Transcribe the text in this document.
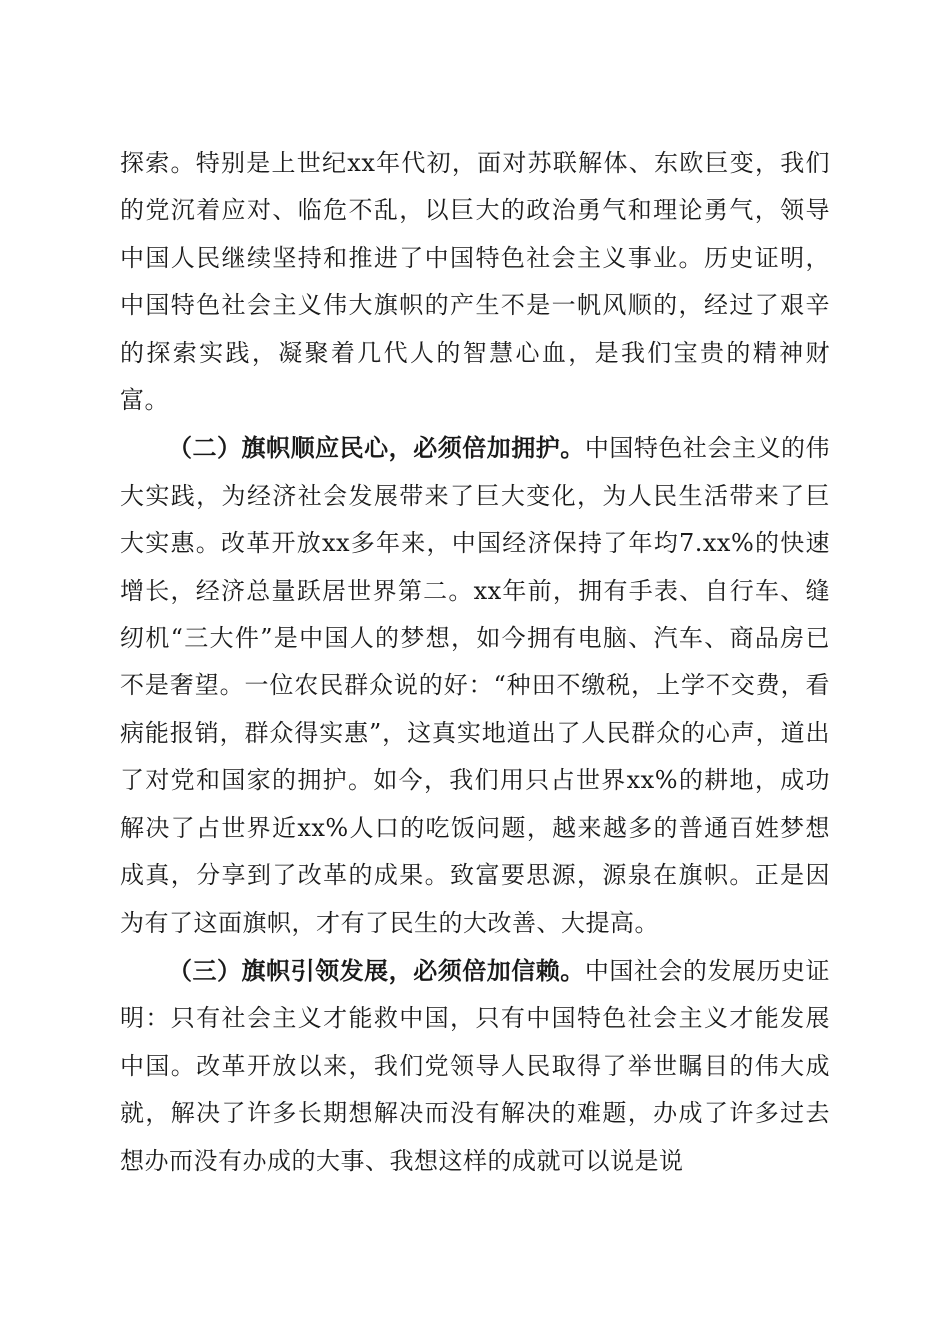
探索。特别是上世纪xx年代初，面对苏联解体、东欧巨变，我们的党沉着应对、临危不乱，以巨大的政治勇气和理论勇气，领导中国人民继续坚持和推进了中国特色社会主义事业。历史证明，中国特色社会主义伟大旗帜的产生不是一帆风顺的，经过了艰辛的探索实践，凝聚着几代人的智慧心血，是我们宝贵的精神财富。

（二）旗帜顺应民心，必须倍加拥护。中国特色社会主义的伟大实践，为经济社会发展带来了巨大变化，为人民生活带来了巨大实惠。改革开放xx多年来，中国经济保持了年均7.xx%的快速增长，经济总量跃居世界第二。xx年前，拥有手表、自行车、缝纫机“三大件”是中国人的梦想，如今拥有电脑、汽车、商品房已不是奢望。一位农民群众说的好：“种田不缴税，上学不交费，看病能报销，群众得实惠”，这真实地道出了人民群众的心声，道出了对党和国家的拥护。如今，我们用只占世界xx%的耕地，成功解决了占世界近xx%人口的吃饭问题，越来越多的普通百姓梦想成真，分享到了改革的成果。致富要思源，源泉在旗帜。正是因为有了这面旗帜，才有了民生的大改善、大提高。

（三）旗帜引领发展，必须倍加信赖。中国社会的发展历史证明：只有社会主义才能救中国，只有中国特色社会主义才能发展中国。改革开放以来，我们党领导人民取得了举世瞩目的伟大成就，解决了许多长期想解决而没有解决的难题，办成了许多过去想办而没有办成的大事、我想这样的成就可以说是说
